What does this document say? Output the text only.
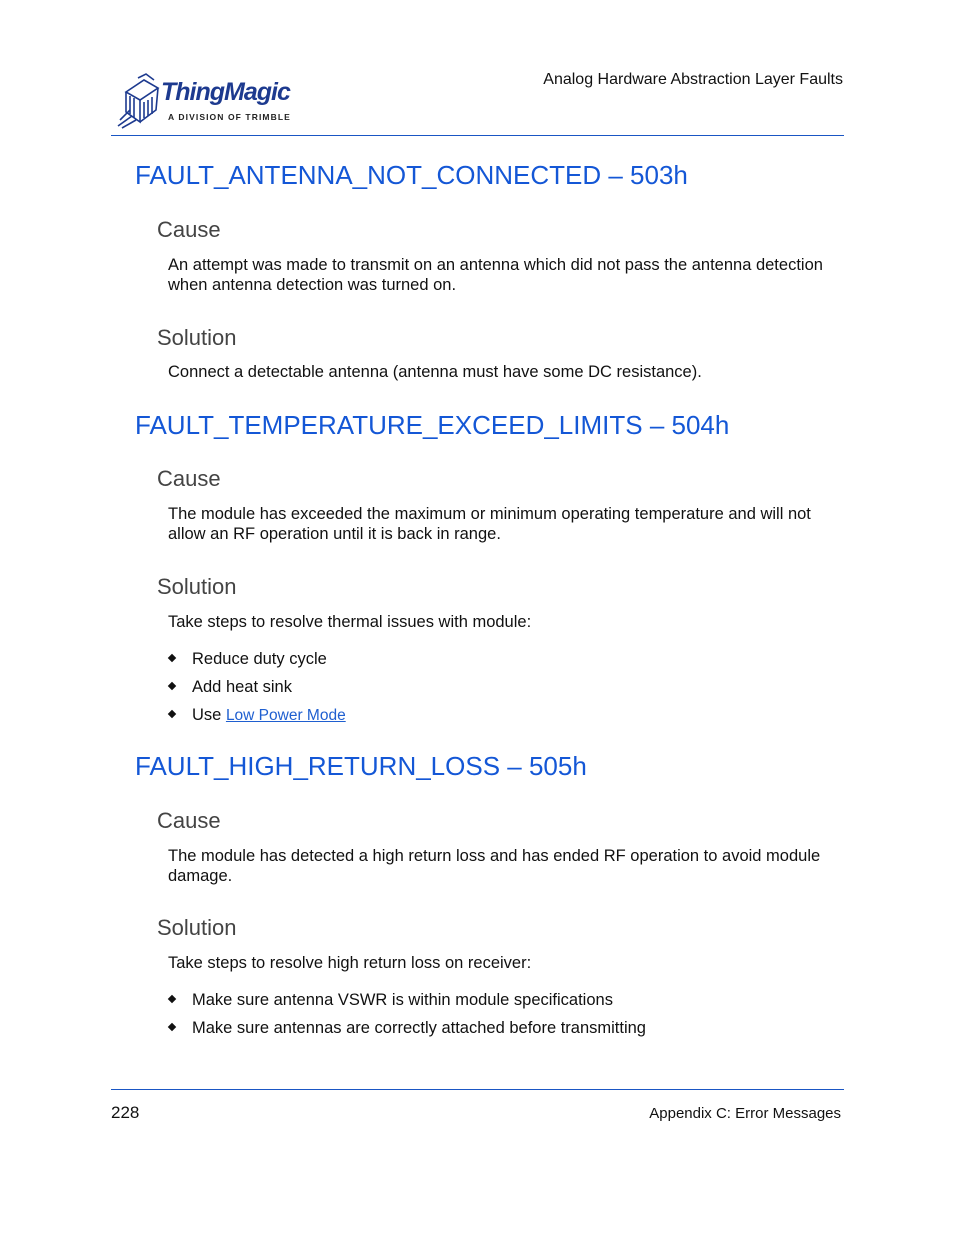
ThingMagic
A DIVISION OF TRIMBLE
Analog Hardware Abstraction Layer Faults
FAULT_ANTENNA_NOT_CONNECTED – 503h
Cause
An attempt was made to transmit on an antenna which did not pass the antenna detection when antenna detection was turned on.
Solution
Connect a detectable antenna (antenna must have some DC resistance).
FAULT_TEMPERATURE_EXCEED_LIMITS – 504h
Cause
The module has exceeded the maximum or minimum operating temperature and will not allow an RF operation until it is back in range.
Solution
Take steps to resolve thermal issues with module:
Reduce duty cycle
Add heat sink
Use Low Power Mode
FAULT_HIGH_RETURN_LOSS – 505h
Cause
The module has detected a high return loss and has ended RF operation to avoid module damage.
Solution
Take steps to resolve high return loss on receiver:
Make sure antenna VSWR is within module specifications
Make sure antennas are correctly attached before transmitting
228	Appendix C: Error Messages
